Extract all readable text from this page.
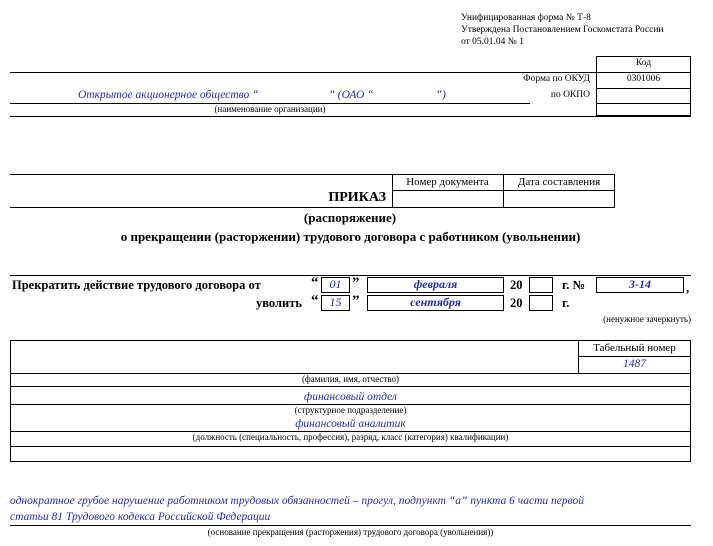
Унифицированная форма № Т-8
Утверждена Постановлением Госкомстата России
от 05.01.04 № 1
Код
Форма по ОКУД	0301006
по ОКПО
Открытое акционерное общество “	” (ОАО “	”)
(наименование организации)
Номер документа	Дата составления
ПРИКАЗ
(распоряжение)
о прекращении (расторжении) трудового договора с работником (увольнении)
Прекратить действие трудового договора от	“ 01 ”	февраля	20	г. №	3-14	,
уволить “ 15 ”	сентября	20	г.
(ненужное зачеркнуть)
Табельный номер
1487
(фамилия, имя, отчество)
финансовый отдел
(структурное подразделение)
финансовый аналитик
(должность (специальность, профессия), разряд, класс (категория) квалификации)
однократное грубое нарушение работником трудовых обязанностей – прогул, подпункт “а” пункта 6 части первой
статьи 81 Трудового кодекса Российской Федерации
(основание прекращения (расторжения) трудового договора (увольнения))
